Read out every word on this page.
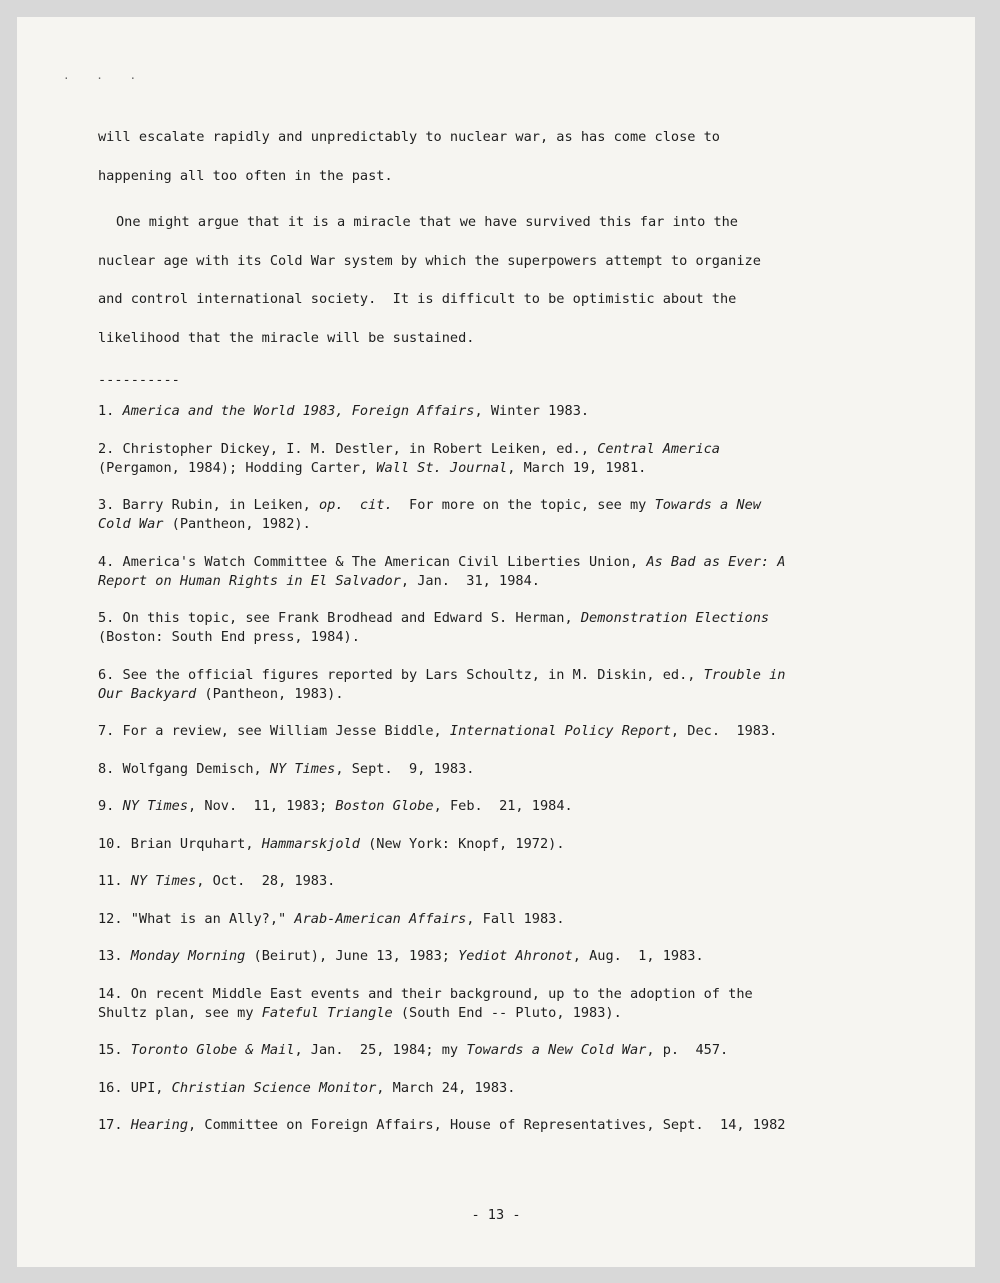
. . .
will escalate rapidly and unpredictably to nuclear war, as has come close to
happening all too often in the past.
One might argue that it is a miracle that we have survived this far into the
nuclear age with its Cold War system by which the superpowers attempt to organize
and control international society.  It is difficult to be optimistic about the
likelihood that the miracle will be sustained.
----------
1. America and the World 1983, Foreign Affairs, Winter 1983.
2. Christopher Dickey, I. M. Destler, in Robert Leiken, ed., Central America
(Pergamon, 1984); Hodding Carter, Wall St. Journal, March 19, 1981.
3. Barry Rubin, in Leiken, op.  cit.  For more on the topic, see my Towards a New
Cold War (Pantheon, 1982).
4. America's Watch Committee & The American Civil Liberties Union, As Bad as Ever: A
Report on Human Rights in El Salvador, Jan.  31, 1984.
5. On this topic, see Frank Brodhead and Edward S. Herman, Demonstration Elections
(Boston: South End press, 1984).
6. See the official figures reported by Lars Schoultz, in M. Diskin, ed., Trouble in
Our Backyard (Pantheon, 1983).
7. For a review, see William Jesse Biddle, International Policy Report, Dec.  1983.
8. Wolfgang Demisch, NY Times, Sept.  9, 1983.
9. NY Times, Nov.  11, 1983; Boston Globe, Feb.  21, 1984.
10. Brian Urquhart, Hammarskjold (New York: Knopf, 1972).
11. NY Times, Oct.  28, 1983.
12. "What is an Ally?," Arab-American Affairs, Fall 1983.
13. Monday Morning (Beirut), June 13, 1983; Yediot Ahronot, Aug.  1, 1983.
14. On recent Middle East events and their background, up to the adoption of the
Shultz plan, see my Fateful Triangle (South End -- Pluto, 1983).
15. Toronto Globe & Mail, Jan.  25, 1984; my Towards a New Cold War, p.  457.
16. UPI, Christian Science Monitor, March 24, 1983.
17. Hearing, Committee on Foreign Affairs, House of Representatives, Sept.  14, 1982
- 13 -
